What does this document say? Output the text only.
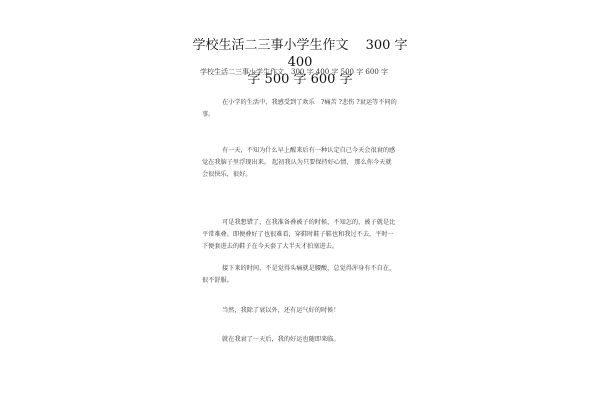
学校生活二三事小学生作文　 300 字 400
字 500 字 600 字
学校生活二三事小学生作文　300 字 400 字 500 字 600 字

在小学的生活中，我感受到了欢乐　?痛苦 ?悲伤 ?衰运等不同的事。

有一天，不知为什么早上醒来后有一种认定自己今天会很衰的感觉在我脑子里浮现出来。 起初我认为只要保持好心情， 那么你今天就会很快乐，很好。

可是我想错了，在我准备叠被子的时候，不知怎的，被子就是比平常难叠。即便叠好了也很难看，穿鞋时鞋子鞋也和我过不去，平时一下便套进去的鞋子在今天套了大半天才拍塞进去。

接下来的时间，不是觉得头痛就是腰酸，总觉得浑身有不自在，很不舒服。

当然，我除了衰以外，还有运气好的时候！

就在我衰了一天后，我的好运也随即来临。
